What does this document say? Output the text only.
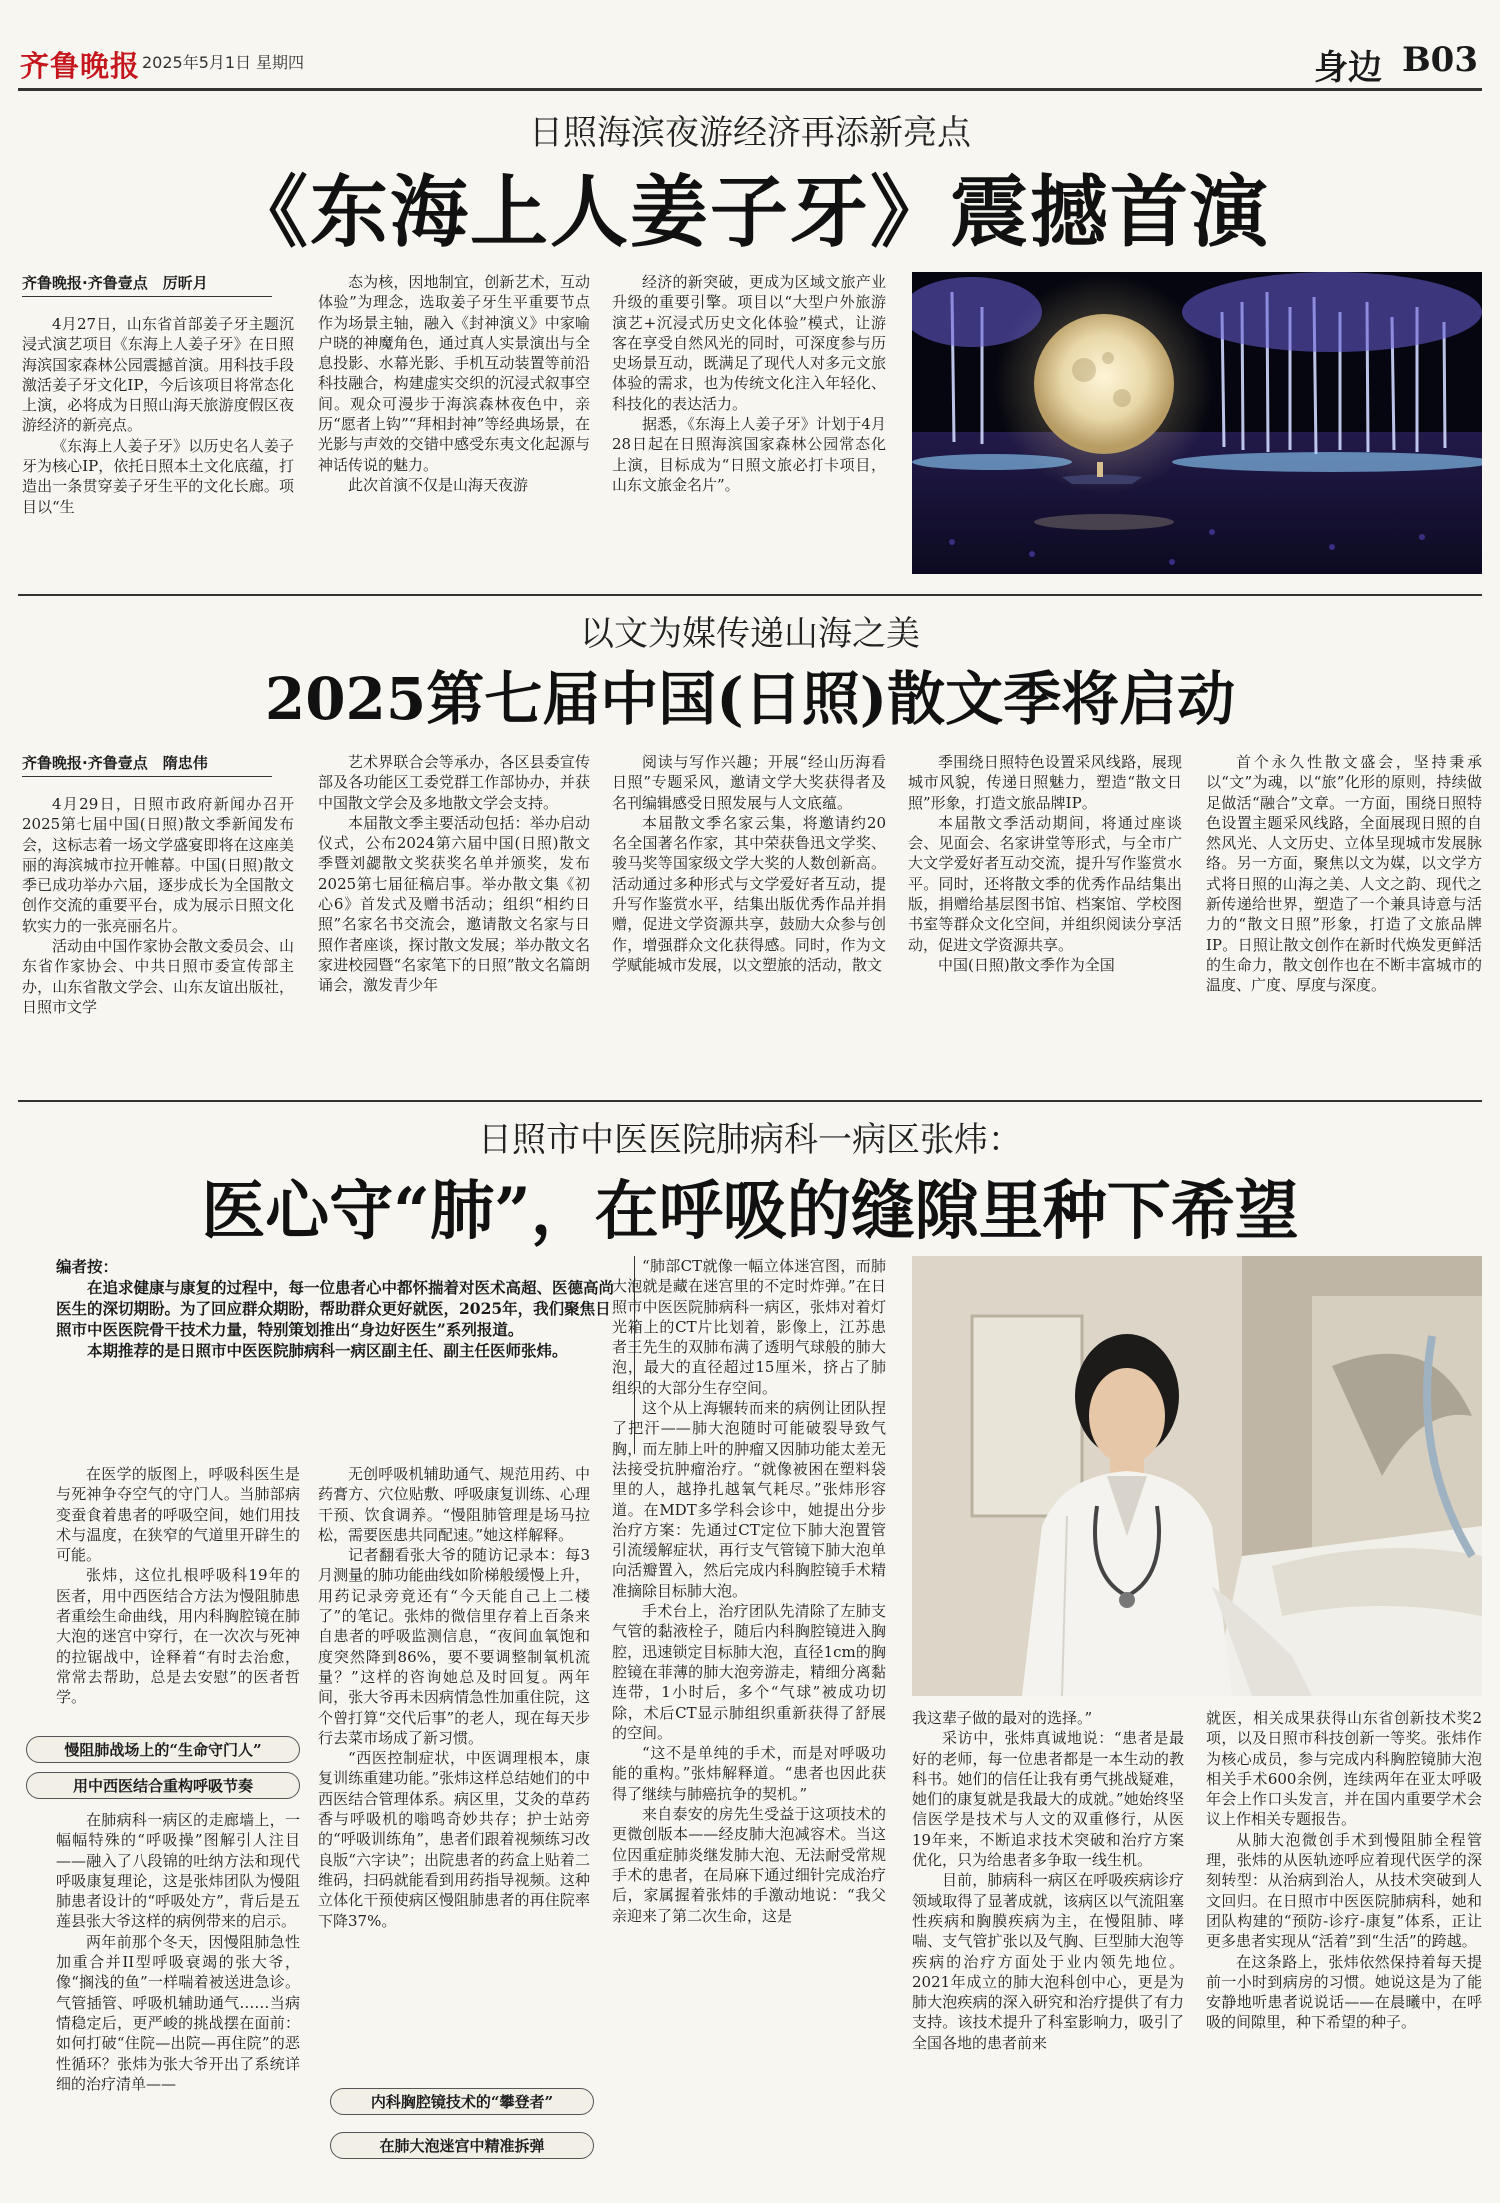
齐鲁晚报 2025年5月1日 星期四	身边 B03
日照海滨夜游经济再添新亮点
《东海上人姜子牙》震撼首演
齐鲁晚报·齐鲁壹点　厉昕月

4月27日，山东省首部姜子牙主题沉浸式演艺项目《东海上人姜子牙》在日照海滨国家森林公园震撼首演。用科技手段激活姜子牙文化IP，今后该项目将常态化上演，必将成为日照山海天旅游度假区夜游经济的新亮点。

《东海上人姜子牙》以历史名人姜子牙为核心IP，依托日照本土文化底蕴，打造出一条贯穿姜子牙生平的文化长廊。项目以“生

态为核，因地制宜，创新艺术，互动体验”为理念，选取姜子牙生平重要节点作为场景主轴，融入《封神演义》中家喻户晓的神魔角色，通过真人实景演出与全息投影、水幕光影、手机互动装置等前沿科技融合，构建虚实交织的沉浸式叙事空间。观众可漫步于海滨森林夜色中，亲历“愿者上钩”“拜相封神”等经典场景，在光影与声效的交错中感受东夷文化起源与神话传说的魅力。

此次首演不仅是山海天夜游

经济的新突破，更成为区域文旅产业升级的重要引擎。项目以“大型户外旅游演艺+沉浸式历史文化体验”模式，让游客在享受自然风光的同时，可深度参与历史场景互动，既满足了现代人对多元文旅体验的需求，也为传统文化注入年轻化、科技化的表达活力。

据悉，《东海上人姜子牙》计划于4月28日起在日照海滨国家森林公园常态化上演，目标成为“日照文旅必打卡项目，山东文旅金名片”。

以文为媒传递山海之美
2025第七届中国(日照)散文季将启动
齐鲁晚报·齐鲁壹点　隋忠伟

4月29日，日照市政府新闻办召开2025第七届中国(日照)散文季新闻发布会，这标志着一场文学盛宴即将在这座美丽的海滨城市拉开帷幕。中国(日照)散文季已成功举办六届，逐步成长为全国散文创作交流的重要平台，成为展示日照文化软实力的一张亮丽名片。

活动由中国作家协会散文委员会、山东省作家协会、中共日照市委宣传部主办，山东省散文学会、山东友谊出版社，日照市文学

艺术界联合会等承办，各区县委宣传部及各功能区工委党群工作部协办，并获中国散文学会及多地散文学会支持。

本届散文季主要活动包括：举办启动仪式，公布2024第六届中国(日照)散文季暨刘勰散文奖获奖名单并颁奖，发布2025第七届征稿启事。举办散文集《初心6》首发式及赠书活动；组织“相约日照”名家名书交流会，邀请散文名家与日照作者座谈，探讨散文发展；举办散文名家进校园暨“名家笔下的日照”散文名篇朗诵会，激发青少年

阅读与写作兴趣；开展“经山历海看日照”专题采风，邀请文学大奖获得者及名刊编辑感受日照发展与人文底蕴。

本届散文季名家云集，将邀请约20名全国著名作家，其中荣获鲁迅文学奖、骏马奖等国家级文学大奖的人数创新高。活动通过多种形式与文学爱好者互动，提升写作鉴赏水平，结集出版优秀作品并捐赠，促进文学资源共享，鼓励大众参与创作，增强群众文化获得感。同时，作为文学赋能城市发展，以文塑旅的活动，散文

季围绕日照特色设置采风线路，展现城市风貌，传递日照魅力，塑造“散文日照”形象，打造文旅品牌IP。

本届散文季活动期间，将通过座谈会、见面会、名家讲堂等形式，与全市广大文学爱好者互动交流，提升写作鉴赏水平。同时，还将散文季的优秀作品结集出版，捐赠给基层图书馆、档案馆、学校图书室等群众文化空间，并组织阅读分享活动，促进文学资源共享。

中国(日照)散文季作为全国

首个永久性散文盛会，坚持秉承以“文”为魂，以“旅”化形的原则，持续做足做活“融合”文章。一方面，围绕日照特色设置主题采风线路，全面展现日照的自然风光、人文历史、立体呈现城市发展脉络。另一方面，聚焦以文为媒，以文学方式将日照的山海之美、人文之韵、现代之新传递给世界，塑造了一个兼具诗意与活力的“散文日照”形象，打造了文旅品牌IP。日照让散文创作在新时代焕发更鲜活的生命力，散文创作也在不断丰富城市的温度、广度、厚度与深度。

日照市中医医院肺病科一病区张炜：
医心守“肺”，在呼吸的缝隙里种下希望
编者按：

在追求健康与康复的过程中，每一位患者心中都怀揣着对医术高超、医德高尚医生的深切期盼。为了回应群众期盼，帮助群众更好就医，2025年，我们聚焦日照市中医医院骨干技术力量，特别策划推出“身边好医生”系列报道。

本期推荐的是日照市中医医院肺病科一病区副主任、副主任医师张炜。

在医学的版图上，呼吸科医生是与死神争夺空气的守门人。当肺部病变蚕食着患者的呼吸空间，她们用技术与温度，在狭窄的气道里开辟生的可能。

张炜，这位扎根呼吸科19年的医者，用中西医结合方法为慢阻肺患者重绘生命曲线，用内科胸腔镜在肺大泡的迷宫中穿行，在一次次与死神的拉锯战中，诠释着“有时去治愈，常常去帮助，总是去安慰”的医者哲学。

慢阻肺战场上的“生命守门人”
用中西医结合重构呼吸节奏

在肺病科一病区的走廊墙上，一幅幅特殊的“呼吸操”图解引人注目——融入了八段锦的吐纳方法和现代呼吸康复理论，这是张炜团队为慢阻肺患者设计的“呼吸处方”，背后是五莲县张大爷这样的病例带来的启示。

两年前那个冬天，因慢阻肺急性加重合并II型呼吸衰竭的张大爷，像“搁浅的鱼”一样喘着被送进急诊。气管插管、呼吸机辅助通气……当病情稳定后，更严峻的挑战摆在面前：如何打破“住院—出院—再住院”的恶性循环？张炜为张大爷开出了系统详细的治疗清单——

无创呼吸机辅助通气、规范用药、中药膏方、穴位贴敷、呼吸康复训练、心理干预、饮食调养。“慢阻肺管理是场马拉松，需要医患共同配速。”她这样解释。

记者翻看张大爷的随访记录本：每3月测量的肺功能曲线如阶梯般缓慢上升，用药记录旁竟还有“今天能自己上二楼了”的笔记。张炜的微信里存着上百条来自患者的呼吸监测信息，“夜间血氧饱和度突然降到86%，要不要调整制氧机流量？”这样的咨询她总及时回复。两年间，张大爷再未因病情急性加重住院，这个曾打算“交代后事”的老人，现在每天步行去菜市场成了新习惯。

“西医控制症状，中医调理根本，康复训练重建功能。”张炜这样总结她们的中西医结合管理体系。病区里，艾灸的草药香与呼吸机的嗡鸣奇妙共存；护士站旁的“呼吸训练角”，患者们跟着视频练习改良版“六字诀”；出院患者的药盒上贴着二维码，扫码就能看到用药指导视频。这种立体化干预使病区慢阻肺患者的再住院率下降37%。

内科胸腔镜技术的“攀登者”
在肺大泡迷宫中精准拆弹

“肺部CT就像一幅立体迷宫图，而肺大泡就是藏在迷宫里的不定时炸弹。”在日照市中医医院肺病科一病区，张炜对着灯光箱上的CT片比划着，影像上，江苏患者王先生的双肺布满了透明气球般的肺大泡，最大的直径超过15厘米，挤占了肺组织的大部分生存空间。

这个从上海辗转而来的病例让团队捏了把汗——肺大泡随时可能破裂导致气胸，而左肺上叶的肿瘤又因肺功能太差无法接受抗肿瘤治疗。“就像被困在塑料袋里的人，越挣扎越氧气耗尽。”张炜形容道。在MDT多学科会诊中，她提出分步治疗方案：先通过CT定位下肺大泡置管引流缓解症状，再行支气管镜下肺大泡单向活瓣置入，然后完成内科胸腔镜手术精准摘除目标肺大泡。

手术台上，治疗团队先清除了左肺支气管的黏液栓子，随后内科胸腔镜进入胸腔，迅速锁定目标肺大泡，直径1cm的胸腔镜在菲薄的肺大泡旁游走，精细分离黏连带，1小时后，多个“气球”被成功切除，术后CT显示肺组织重新获得了舒展的空间。

“这不是单纯的手术，而是对呼吸功能的重构。”张炜解释道。“患者也因此获得了继续与肺癌抗争的契机。”

来自泰安的房先生受益于这项技术的更微创版本——经皮肺大泡减容术。当这位因重症肺炎继发肺大泡、无法耐受常规手术的患者，在局麻下通过细针完成治疗后，家属握着张炜的手激动地说：“我父亲迎来了第二次生命，这是

我这辈子做的最对的选择。”

采访中，张炜真诚地说：“患者是最好的老师，每一位患者都是一本生动的教科书。她们的信任让我有勇气挑战疑难，她们的康复就是我最大的成就。”她始终坚信医学是技术与人文的双重修行，从医19年来，不断追求技术突破和治疗方案优化，只为给患者多争取一线生机。

目前，肺病科一病区在呼吸疾病诊疗领域取得了显著成就，该病区以气流阻塞性疾病和胸膜疾病为主，在慢阻肺、哮喘、支气管扩张以及气胸、巨型肺大泡等疾病的治疗方面处于业内领先地位。2021年成立的肺大泡科创中心，更是为肺大泡疾病的深入研究和治疗提供了有力支持。该技术提升了科室影响力，吸引了全国各地的患者前来

就医，相关成果获得山东省创新技术奖2项，以及日照市科技创新一等奖。张炜作为核心成员，参与完成内科胸腔镜肺大泡相关手术600余例，连续两年在亚太呼吸年会上作口头发言，并在国内重要学术会议上作相关专题报告。

从肺大泡微创手术到慢阻肺全程管理，张炜的从医轨迹呼应着现代医学的深刻转型：从治病到治人，从技术突破到人文回归。在日照市中医医院肺病科，她和团队构建的“预防-诊疗-康复”体系，正让更多患者实现从“活着”到“生活”的跨越。

在这条路上，张炜依然保持着每天提前一小时到病房的习惯。她说这是为了能安静地听患者说说话——在晨曦中，在呼吸的间隙里，种下希望的种子。
